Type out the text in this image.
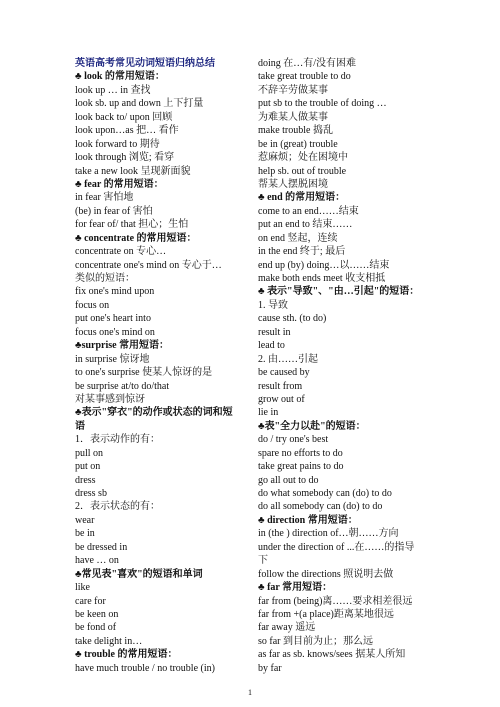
英语高考常见动词短语归纳总结
♣ look 的常用短语：
look up … in 查找
look sb. up and down 上下打量
look back to/ upon 回顾
look upon…as 把… 看作
look forward to 期待
look through 浏览; 看穿
take a new look 呈现新面貌
♣ fear 的常用短语：
in fear 害怕地
(be) in fear of 害怕
for fear of/ that 担心；生怕
♣ concentrate 的常用短语：
concentrate on 专心…
concentrate one's mind on 专心于…
类似的短语：
fix one's mind upon
focus on
put one's heart into
focus one's mind on
♣surprise 常用短语：
in surprise 惊讶地
to one's surprise 使某人惊讶的是
be surprise at/to do/that
对某事感到惊讶
♣表示"穿衣"的动作或状态的词和短
语
1．表示动作的有：
pull on
put on
dress
dress sb
2．表示状态的有：
wear
be in
be dressed in
have … on
♣常见表"喜欢"的短语和单词
like
care for
be keen on
be fond of
take delight in…
♣ trouble 的常用短语：
have much trouble / no trouble (in)
doing 在…有/没有困难
take great trouble to do
不辞辛劳做某事
put sb to the trouble of doing …
为难某人做某事
make trouble 捣乱
be in (great) trouble
惹麻烦；处在困境中
help sb. out of trouble
帮某人摆脱困境
♣ end 的常用短语：
come to an end……结束
put an end to 结束……
on end 竖起，连续
in the end 终于; 最后
end up (by) doing…以……结束
make both ends meet 收支相抵
♣ 表示"导致"、"由…引起"的短语：
1. 导致
cause sth. (to do)
result in
lead to
2. 由……引起
be caused by
result from
grow out of
lie in
♣表"全力以赴"的短语：
do / try one's best
spare no efforts to do
take great pains to do
go all out to do
do what somebody can (do) to do
do all somebody can (do) to do
♣ direction 常用短语：
in (the ) direction of…朝……方向
under the direction of ...在……的指导
下
follow the directions 照说明去做
♣ far 常用短语：
far from (being)离……要求相差很远
far from +(a place)距离某地很远
far away 遥远
so far 到目前为止；那么远
as far as sb. knows/sees 据某人所知
by far
1
